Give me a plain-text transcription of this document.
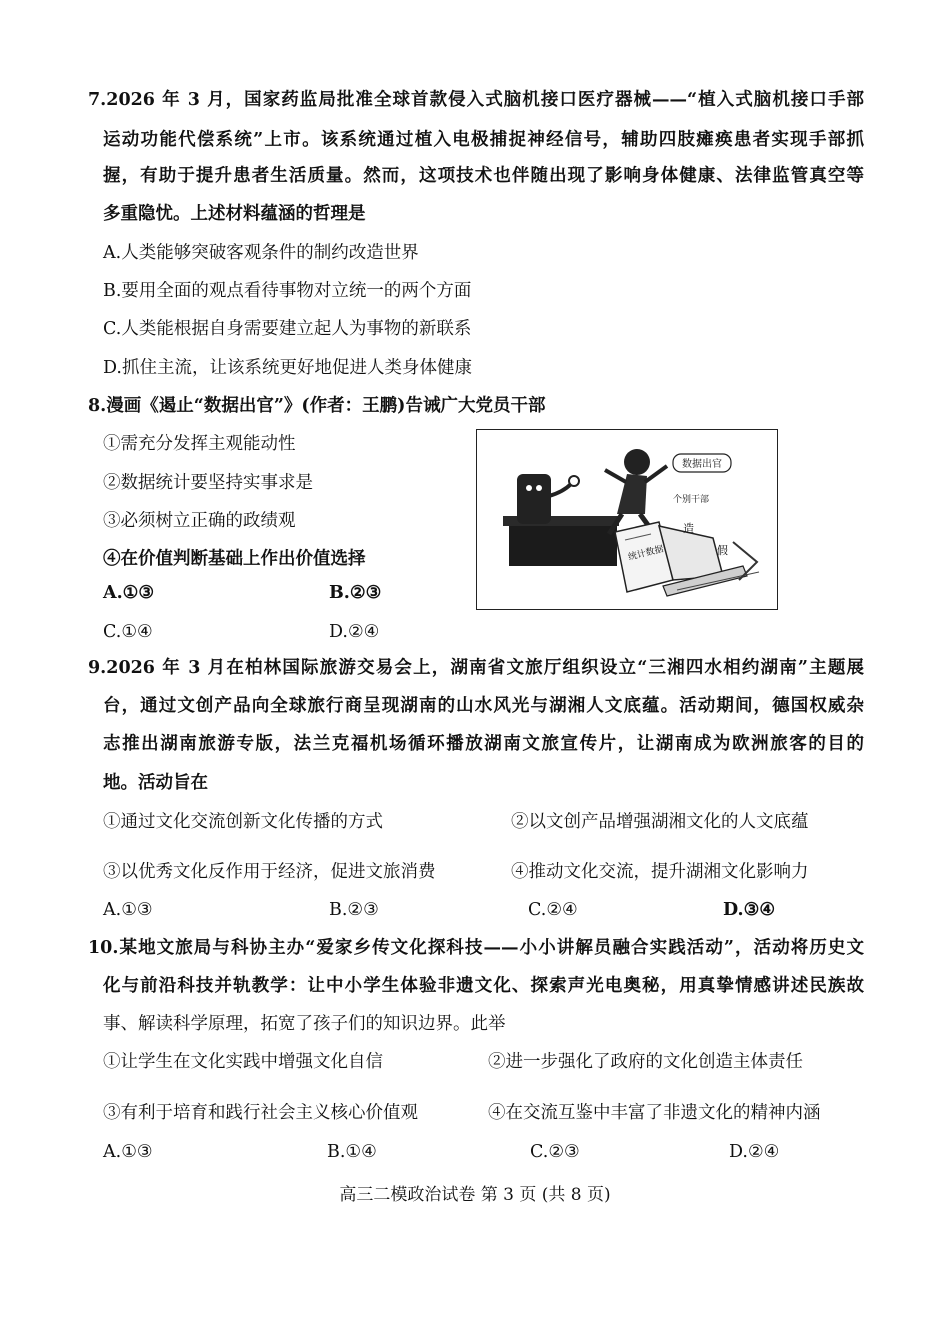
7.2026 年 3 月，国家药监局批准全球首款侵入式脑机接口医疗器械——“植入式脑机接口手部
运动功能代偿系统”上市。该系统通过植入电极捕捉神经信号，辅助四肢瘫痪患者实现手部抓
握，有助于提升患者生活质量。然而，这项技术也伴随出现了影响身体健康、法律监管真空等
多重隐忧。上述材料蕴涵的哲理是
A.人类能够突破客观条件的制约改造世界
B.要用全面的观点看待事物对立统一的两个方面
C.人类能根据自身需要建立起人为事物的新联系
D.抓住主流，让该系统更好地促进人类身体健康
8.漫画《遏止“数据出官”》(作者：王鹏)告诫广大党员干部
①需充分发挥主观能动性
②数据统计要坚持实事求是
③必须树立正确的政绩观
④在价值判断基础上作出价值选择
A.①③	B.②③
C.①④	D.②④
数据出官
个别干部
统计数据
造
假
9.2026 年 3 月在柏林国际旅游交易会上，湖南省文旅厅组织设立“三湘四水相约湖南”主题展
台，通过文创产品向全球旅行商呈现湖南的山水风光与湖湘人文底蕴。活动期间，德国权威杂
志推出湖南旅游专版，法兰克福机场循环播放湖南文旅宣传片，让湖南成为欧洲旅客的目的
地。活动旨在
①通过文化交流创新文化传播的方式	②以文创产品增强湖湘文化的人文底蕴
③以优秀文化反作用于经济，促进文旅消费	④推动文化交流，提升湖湘文化影响力
A.①③	B.②③	C.②④	D.③④
10.某地文旅局与科协主办“爱家乡传文化探科技——小小讲解员融合实践活动”，活动将历史文
化与前沿科技并轨教学：让中小学生体验非遗文化、探索声光电奥秘，用真挚情感讲述民族故
事、解读科学原理，拓宽了孩子们的知识边界。此举
①让学生在文化实践中增强文化自信	②进一步强化了政府的文化创造主体责任
③有利于培育和践行社会主义核心价值观	④在交流互鉴中丰富了非遗文化的精神内涵
A.①③	B.①④	C.②③	D.②④
高三二模政治试卷 第 3 页 (共 8 页)
